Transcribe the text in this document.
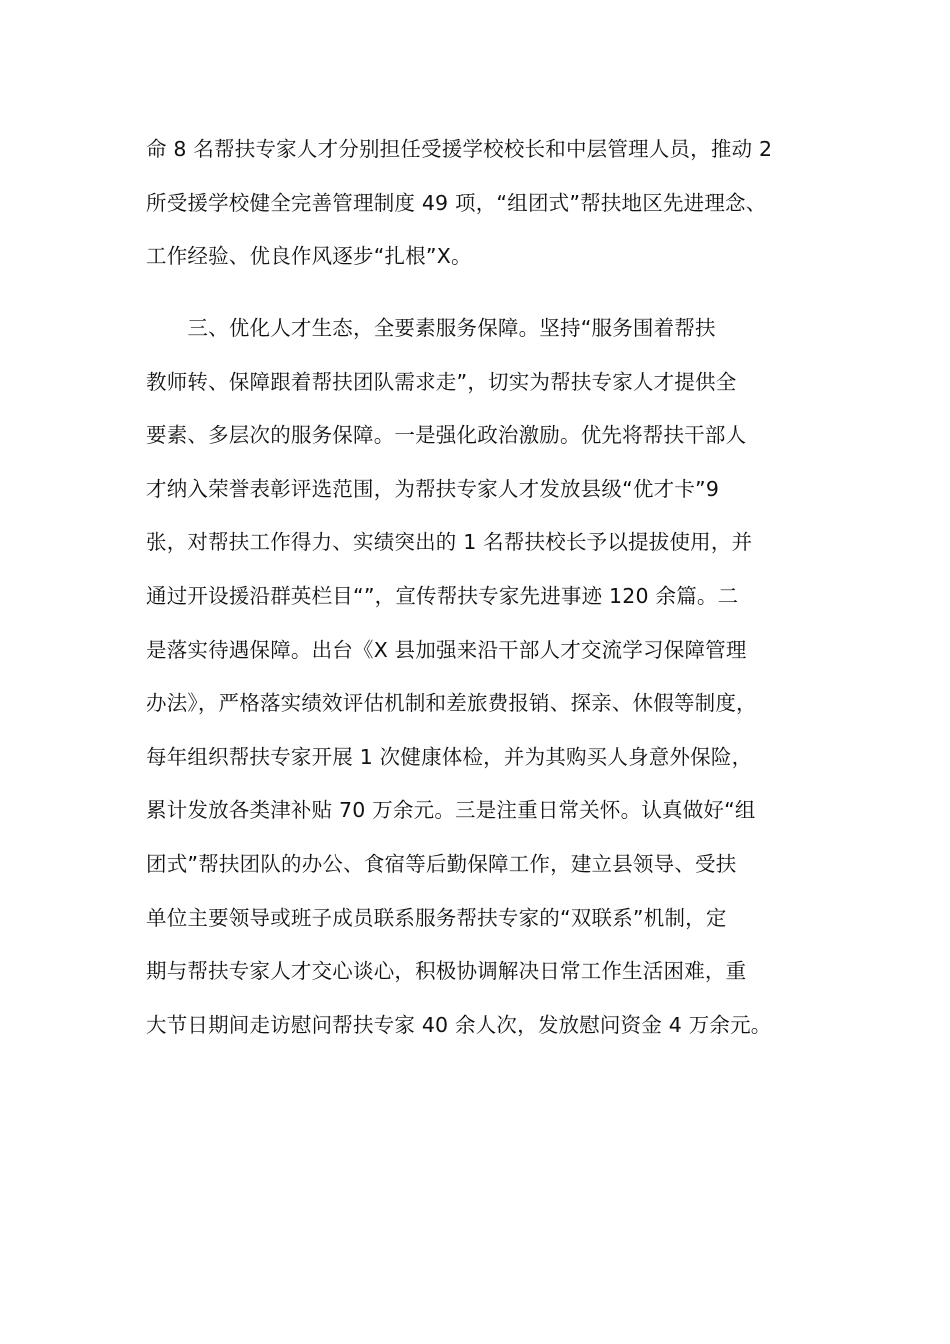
命 8 名帮扶专家人才分别担任受援学校校长和中层管理人员，推动 2
所受援学校健全完善管理制度 49 项，“组团式”帮扶地区先进理念、
工作经验、优良作风逐步“扎根”X。
　　三、优化人才生态，全要素服务保障。坚持“服务围着帮扶
教师转、保障跟着帮扶团队需求走”，切实为帮扶专家人才提供全
要素、多层次的服务保障。一是强化政治激励。优先将帮扶干部人
才纳入荣誉表彰评选范围，为帮扶专家人才发放县级“优才卡”9
张，对帮扶工作得力、实绩突出的 1 名帮扶校长予以提拔使用，并
通过开设援沿群英栏目“”，宣传帮扶专家先进事迹 120 余篇。二
是落实待遇保障。出台《X 县加强来沿干部人才交流学习保障管理
办法》，严格落实绩效评估机制和差旅费报销、探亲、休假等制度，
每年组织帮扶专家开展 1 次健康体检，并为其购买人身意外保险，
累计发放各类津补贴 70 万余元。三是注重日常关怀。认真做好“组
团式”帮扶团队的办公、食宿等后勤保障工作，建立县领导、受扶
单位主要领导或班子成员联系服务帮扶专家的“双联系”机制，定
期与帮扶专家人才交心谈心，积极协调解决日常工作生活困难，重
大节日期间走访慰问帮扶专家 40 余人次，发放慰问资金 4 万余元。
